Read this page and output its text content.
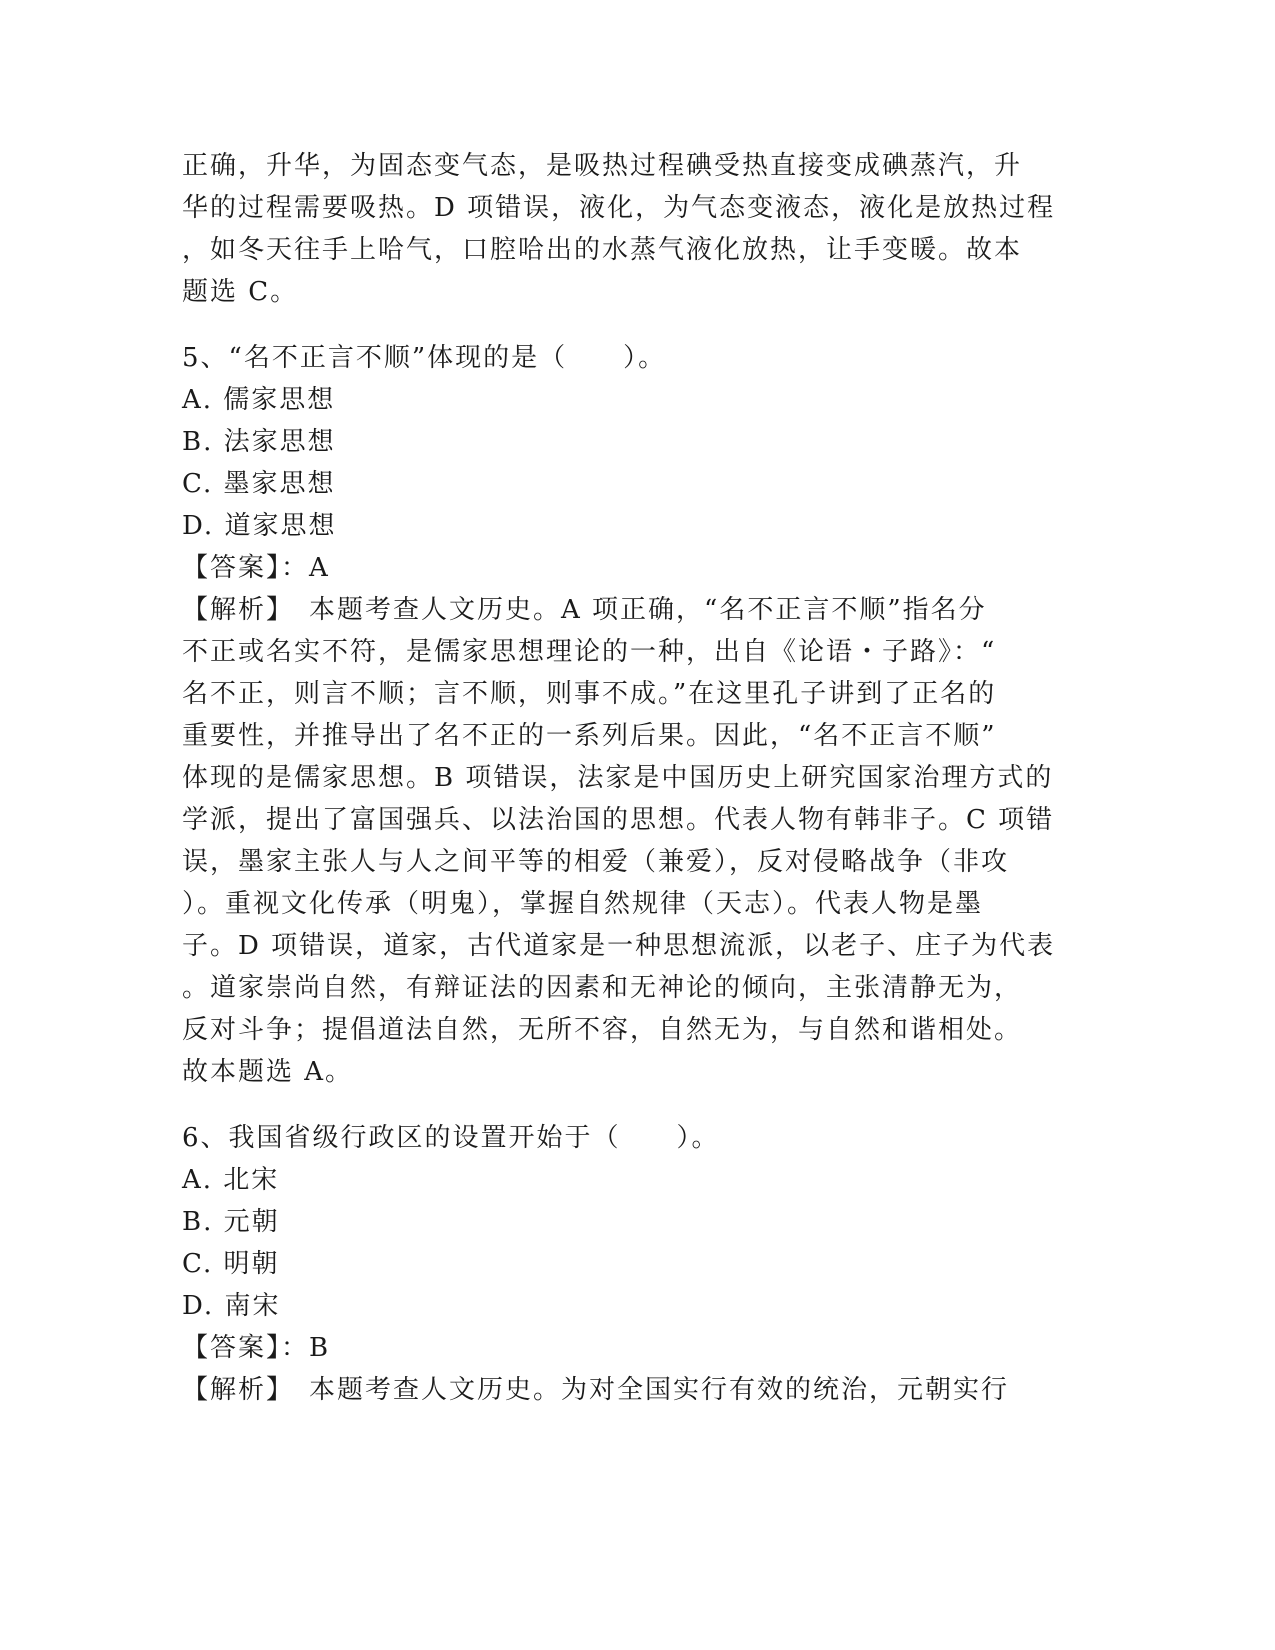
正确，升华，为固态变气态，是吸热过程碘受热直接变成碘蒸汽，升
华的过程需要吸热。D 项错误，液化，为气态变液态，液化是放热过程
，如冬天往手上哈气，口腔哈出的水蒸气液化放热，让手变暖。故本
题选 C。
5、“名不正言不顺”体现的是（　　）。
A. 儒家思想
B. 法家思想
C. 墨家思想
D. 道家思想
【答案】：A
【解析】　本题考查人文历史。A 项正确，“名不正言不顺”指名分
不正或名实不符，是儒家思想理论的一种，出自《论语・子路》：“
名不正，则言不顺；言不顺，则事不成。”在这里孔子讲到了正名的
重要性，并推导出了名不正的一系列后果。因此，“名不正言不顺”
体现的是儒家思想。B 项错误，法家是中国历史上研究国家治理方式的
学派，提出了富国强兵、以法治国的思想。代表人物有韩非子。C 项错
误，墨家主张人与人之间平等的相爱（兼爱），反对侵略战争（非攻
）。重视文化传承（明鬼），掌握自然规律（天志）。代表人物是墨
子。D 项错误，道家，古代道家是一种思想流派，以老子、庄子为代表
。道家崇尚自然，有辩证法的因素和无神论的倾向，主张清静无为，
反对斗争；提倡道法自然，无所不容，自然无为，与自然和谐相处。
故本题选 A。
6、我国省级行政区的设置开始于（　　）。
A. 北宋
B. 元朝
C. 明朝
D. 南宋
【答案】：B
【解析】　本题考查人文历史。为对全国实行有效的统治，元朝实行
